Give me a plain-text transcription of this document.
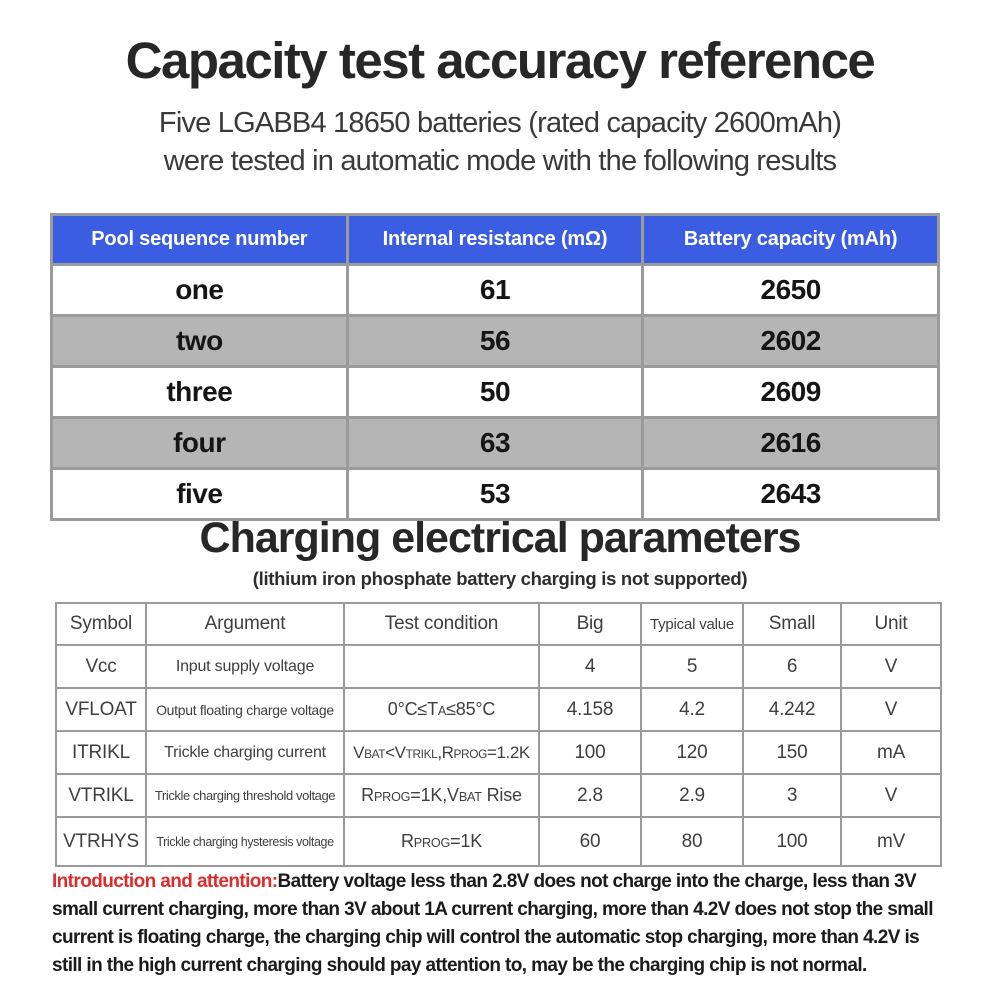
Capacity test accuracy reference

Five LGABB4 18650 batteries (rated capacity 2600mAh)
were tested in automatic mode with the following results

Pool sequence number	Internal resistance (mΩ)	Battery capacity (mAh)
one	61	2650
two	56	2602
three	50	2609
four	63	2616
five	53	2643
Charging electrical parameters

(lithium iron phosphate battery charging is not supported)

Symbol	Argument	Test condition	Big	Typical value	Small	Unit
Vcc	Input supply voltage		4	5	6	V
VFLOAT	Output floating charge voltage	0°C≤TA≤85°C	4.158	4.2	4.242	V
ITRIKL	Trickle charging current	VBAT<VTRIKL,RPROG=1.2K	100	120	150	mA
VTRIKL	Trickle charging threshold voltage	RPROG=1K,VBAT Rise	2.8	2.9	3	V
VTRHYS	Trickle charging hysteresis voltage	RPROG=1K	60	80	100	mV

Introduction and attention:Battery voltage less than 2.8V does not charge into the charge, less than 3V small current charging, more than 3V about 1A current charging, more than 4.2V does not stop the small current is floating charge, the charging chip will control the automatic stop charging, more than 4.2V is still in the high current charging should pay attention to, may be the charging chip is not normal.
